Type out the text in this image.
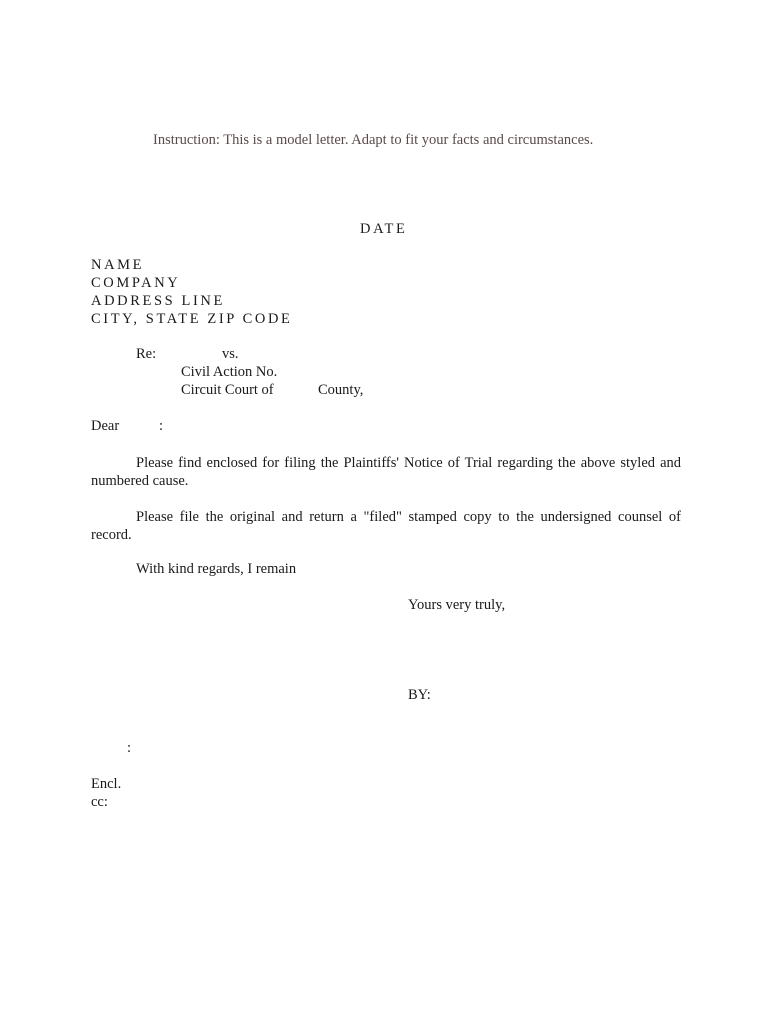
Instruction: This is a model letter. Adapt to fit your facts and circumstances.
DATE
NAME
COMPANY
ADDRESS LINE
CITY, STATE ZIP CODE
Re:	vs.
Civil Action No.
Circuit Court of	County,
Dear	:
Please find enclosed for filing the Plaintiffs' Notice of Trial regarding the above styled and numbered cause.
Please file the original and return a "filed" stamped copy to the undersigned counsel of record.
With kind regards, I remain
Yours very truly,
BY:
:
Encl.
cc:
